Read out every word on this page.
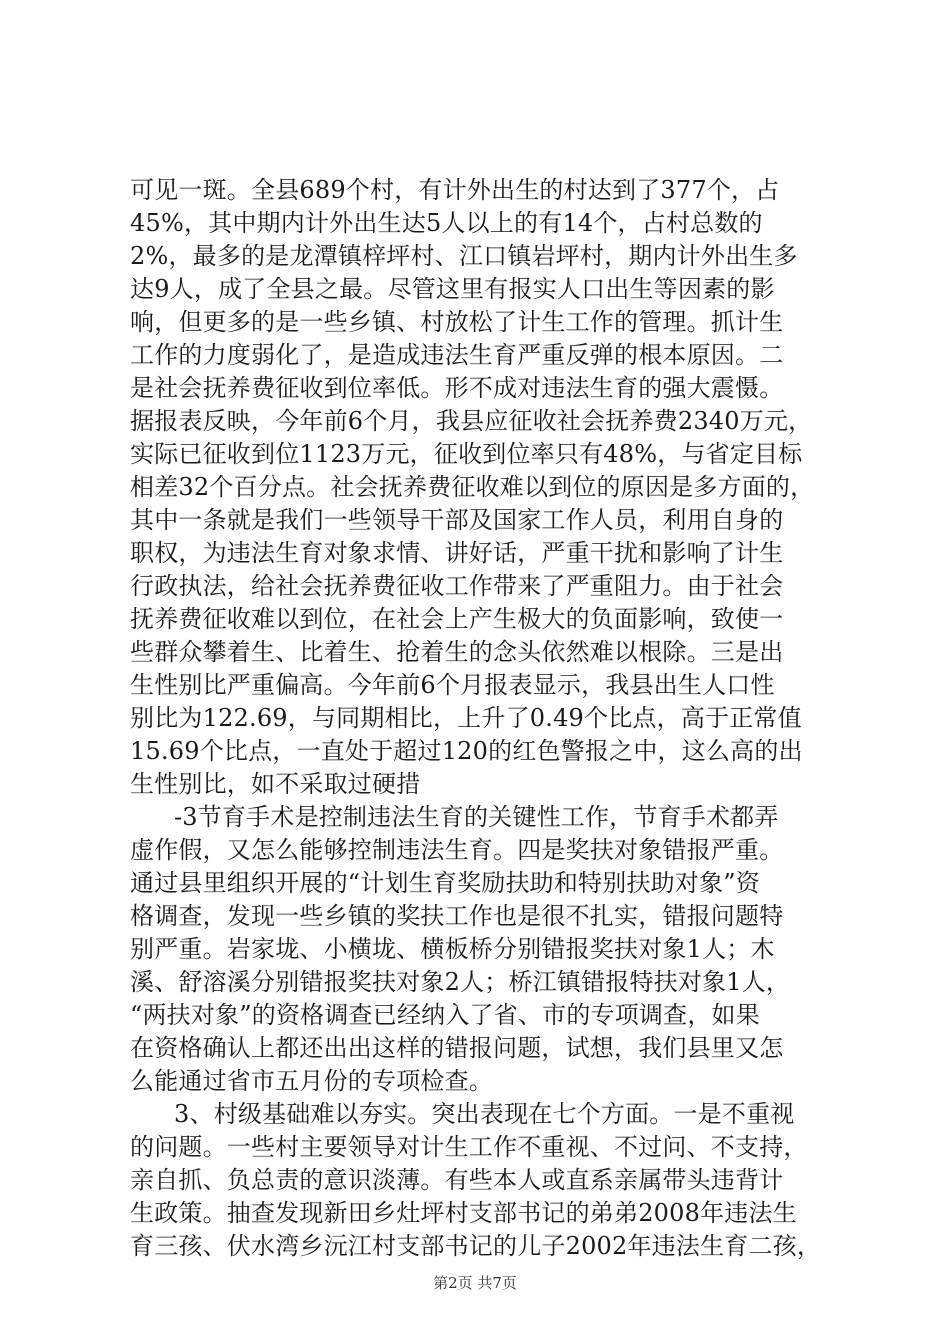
可见一斑。全县689个村，有计外出生的村达到了377个，占
45%，其中期内计外出生达5人以上的有14个，占村总数的
2%，最多的是龙潭镇梓坪村、江口镇岩坪村，期内计外出生多
达9人，成了全县之最。尽管这里有报实人口出生等因素的影
响，但更多的是一些乡镇、村放松了计生工作的管理。抓计生
工作的力度弱化了，是造成违法生育严重反弹的根本原因。二
是社会抚养费征收到位率低。形不成对违法生育的强大震慑。
据报表反映，今年前6个月，我县应征收社会抚养费2340万元，
实际已征收到位1123万元，征收到位率只有48%，与省定目标
相差32个百分点。社会抚养费征收难以到位的原因是多方面的，
其中一条就是我们一些领导干部及国家工作人员，利用自身的
职权，为违法生育对象求情、讲好话，严重干扰和影响了计生
行政执法，给社会抚养费征收工作带来了严重阻力。由于社会
抚养费征收难以到位，在社会上产生极大的负面影响，致使一
些群众攀着生、比着生、抢着生的念头依然难以根除。三是出
生性别比严重偏高。今年前6个月报表显示，我县出生人口性
别比为122.69，与同期相比，上升了0.49个比点，高于正常值
15.69个比点，一直处于超过120的红色警报之中，这么高的出
生性别比，如不采取过硬措
-3节育手术是控制违法生育的关键性工作，节育手术都弄
虚作假，又怎么能够控制违法生育。四是奖扶对象错报严重。
通过县里组织开展的“计划生育奖励扶助和特别扶助对象”资
格调查，发现一些乡镇的奖扶工作也是很不扎实，错报问题特
别严重。岩家垅、小横垅、横板桥分别错报奖扶对象1人；木
溪、舒溶溪分别错报奖扶对象2人；桥江镇错报特扶对象1人，
“两扶对象”的资格调查已经纳入了省、市的专项调查，如果
在资格确认上都还出出这样的错报问题，试想，我们县里又怎
么能通过省市五月份的专项检查。
3、村级基础难以夯实。突出表现在七个方面。一是不重视
的问题。一些村主要领导对计生工作不重视、不过问、不支持，
亲自抓、负总责的意识淡薄。有些本人或直系亲属带头违背计
生政策。抽查发现新田乡灶坪村支部书记的弟弟2008年违法生
育三孩、伏水湾乡沅江村支部书记的儿子2002年违法生育二孩，
第2页 共7页
